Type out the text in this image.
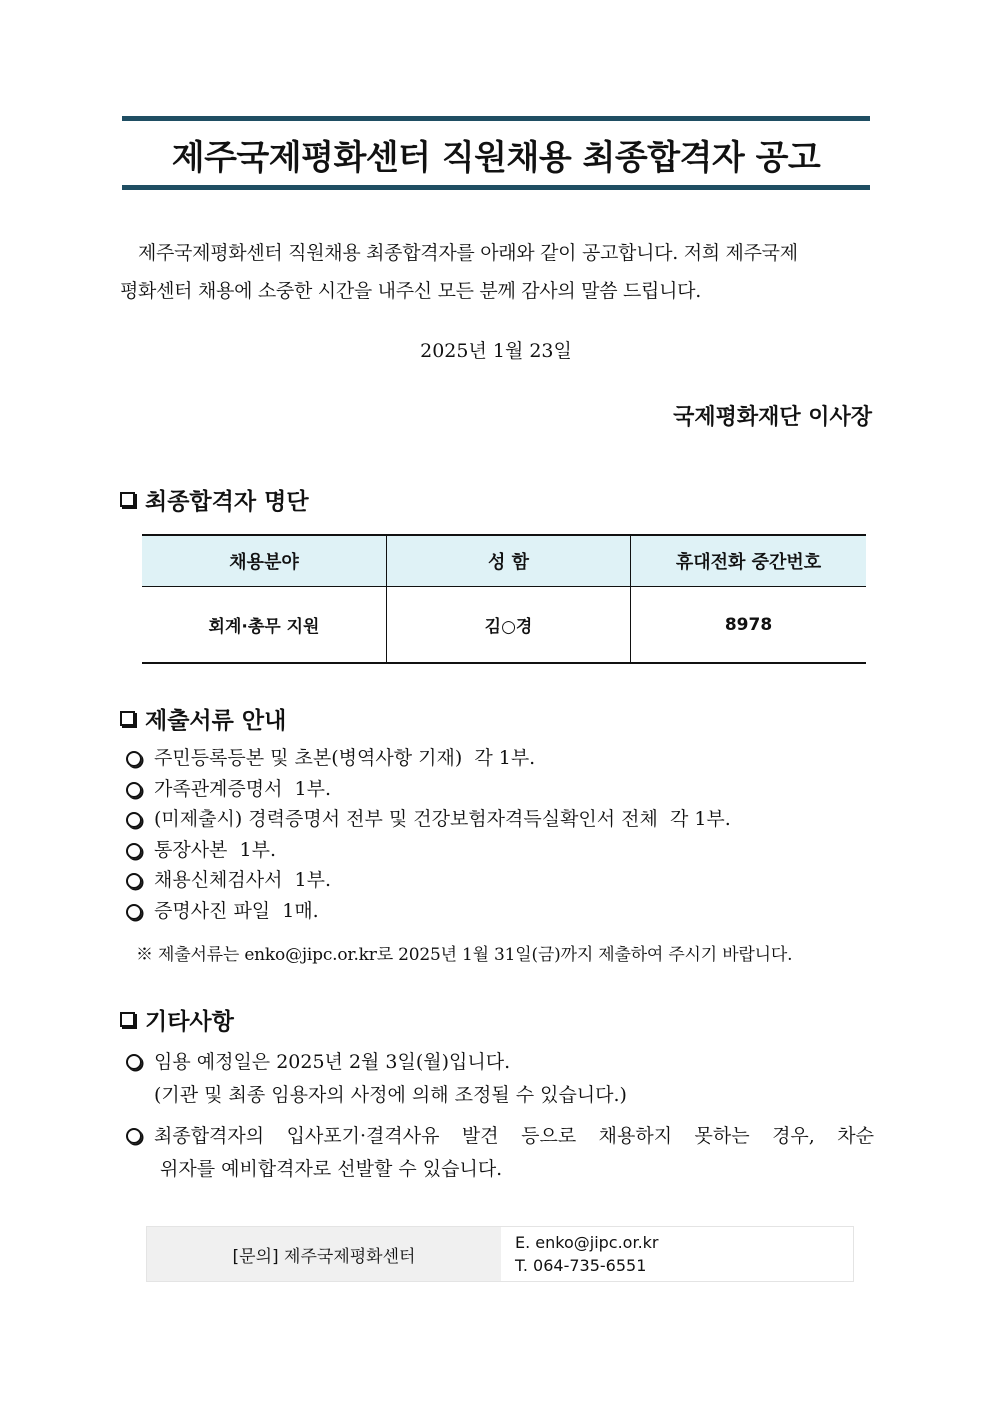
제주국제평화센터 직원채용 최종합격자 공고
제주국제평화센터 직원채용 최종합격자를 아래와 같이 공고합니다. 저희 제주국제
평화센터 채용에 소중한 시간을 내주신 모든 분께 감사의 말씀 드립니다.
2025년 1월 23일
국제평화재단 이사장
최종합격자 명단
채용분야	성 함	휴대전화 중간번호
회계·총무 지원	김○경	8978
제출서류 안내
주민등록등본 및 초본(병역사항 기재)  각 1부.
가족관계증명서  1부.
(미제출시) 경력증명서 전부 및 건강보험자격득실확인서 전체  각 1부.
통장사본  1부.
채용신체검사서  1부.
증명사진 파일  1매.
※ 제출서류는 enko@jipc.or.kr로 2025년 1월 31일(금)까지 제출하여 주시기 바랍니다.
기타사항
임용 예정일은 2025년 2월 3일(월)입니다.
(기관 및 최종 임용자의 사정에 의해 조정될 수 있습니다.)
최종합격자의 입사포기·결격사유 발견 등으로 채용하지 못하는 경우, 차순
위자를 예비합격자로 선발할 수 있습니다.
[문의] 제주국제평화센터
E. enko@jipc.or.kr
T. 064-735-6551
